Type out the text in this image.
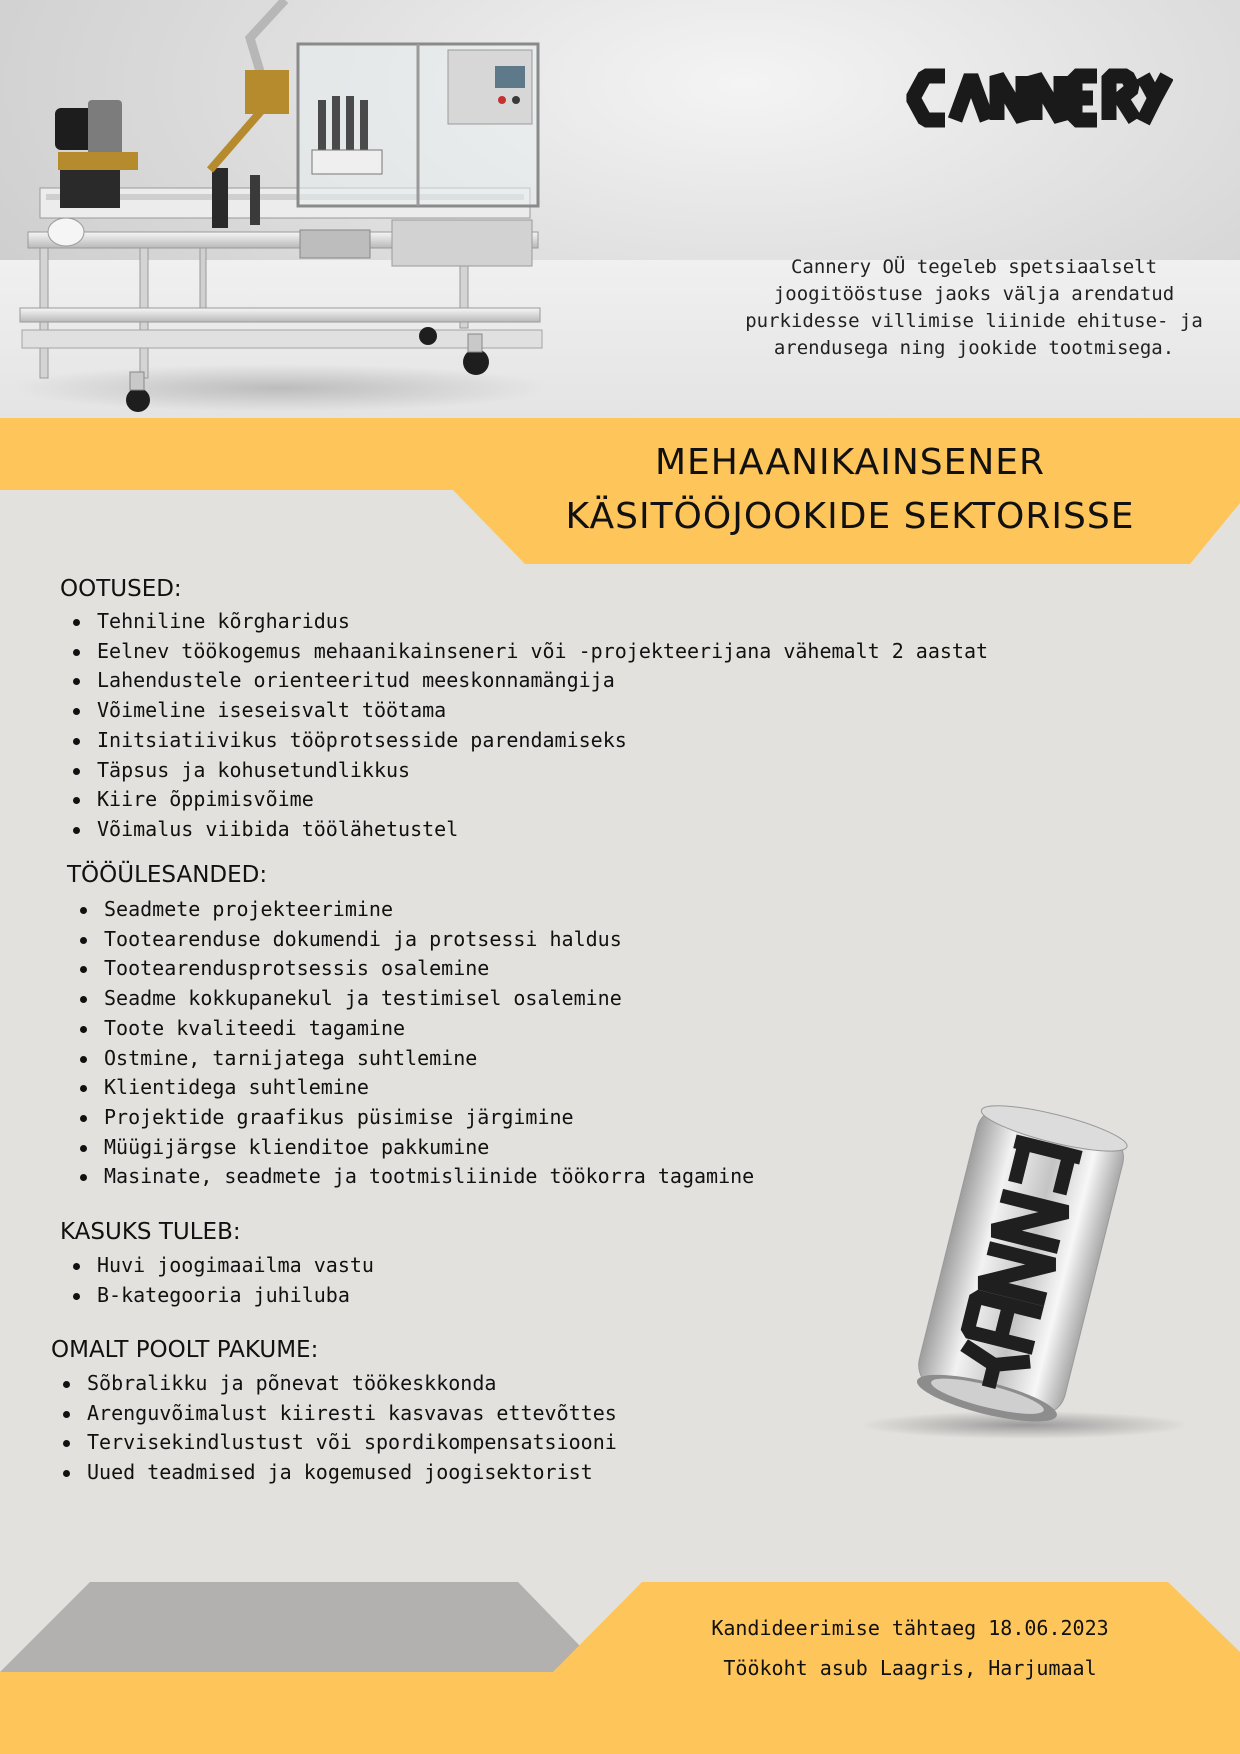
Cannery OÜ tegeleb spetsiaalselt joogitööstuse jaoks välja arendatud purkidesse villimise liinide ehituse- ja arendusega ning jookide tootmisega.

MEHAANIKAINSENER
KÄSITÖÖJOOKIDE SEKTORISSE
OOTUSED:
Tehniline kõrgharidus
Eelnev töökogemus mehaanikainseneri või -projekteerijana vähemalt 2 aastat
Lahendustele orienteeritud meeskonnamängija
Võimeline iseseisvalt töötama
Initsiatiivikus tööprotsesside parendamiseks
Täpsus ja kohusetundlikkus
Kiire õppimisvõime
Võimalus viibida töölähetustel
TÖÖÜLESANDED:
Seadmete projekteerimine
Tootearenduse dokumendi ja protsessi haldus
Tootearendusprotsessis osalemine
Seadme kokkupanekul ja testimisel osalemine
Toote kvaliteedi tagamine
Ostmine, tarnijatega suhtlemine
Klientidega suhtlemine
Projektide graafikus püsimise järgimine
Müügijärgse klienditoe pakkumine
Masinate, seadmete ja tootmisliinide töökorra tagamine
KASUKS TULEB:
Huvi joogimaailma vastu
B-kategooria juhiluba
OMALT POOLT PAKUME:
Sõbralikku ja põnevat töökeskkonda
Arenguvõimalust kiiresti kasvavas ettevõttes
Tervisekindlustust või spordikompensatsiooni
Uued teadmised ja kogemused joogisektorist

Kandideerimise tähtaeg 18.06.2023

Töökoht asub Laagris, Harjumaal
